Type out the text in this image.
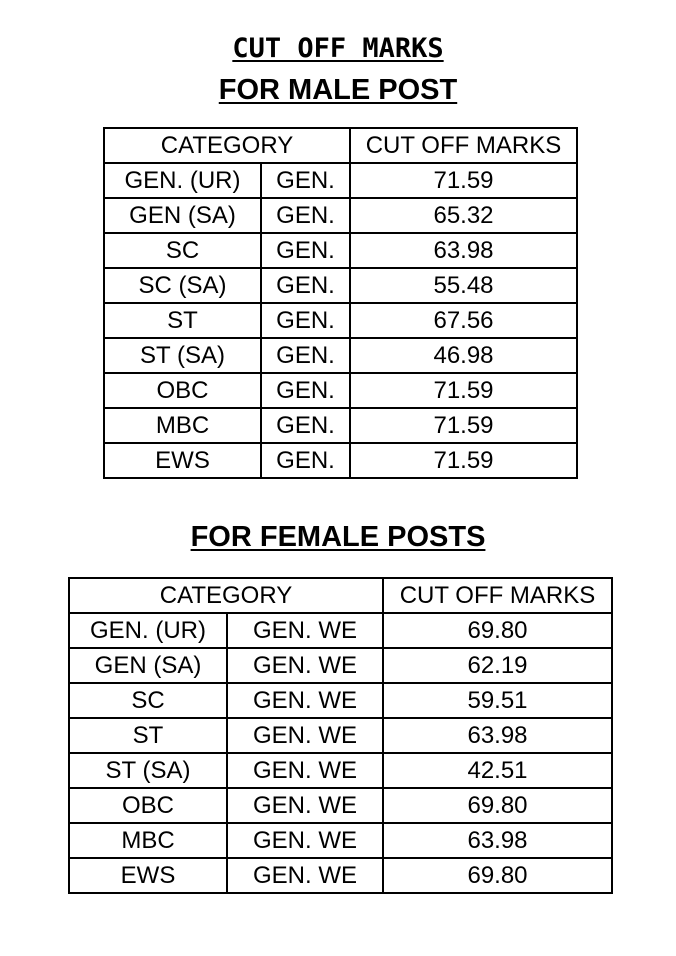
CUT OFF MARKS
FOR MALE POST
CATEGORY		CUT OFF MARKS
GEN. (UR)	GEN.	71.59
GEN (SA)	GEN.	65.32
SC	GEN.	63.98
SC (SA)	GEN.	55.48
ST	GEN.	67.56
ST (SA)	GEN.	46.98
OBC	GEN.	71.59
MBC	GEN.	71.59
EWS	GEN.	71.59
FOR FEMALE POSTS
CATEGORY		CUT OFF MARKS
GEN. (UR)	GEN. WE	69.80
GEN (SA)	GEN. WE	62.19
SC	GEN. WE	59.51
ST	GEN. WE	63.98
ST (SA)	GEN. WE	42.51
OBC	GEN. WE	69.80
MBC	GEN. WE	63.98
EWS	GEN. WE	69.80
